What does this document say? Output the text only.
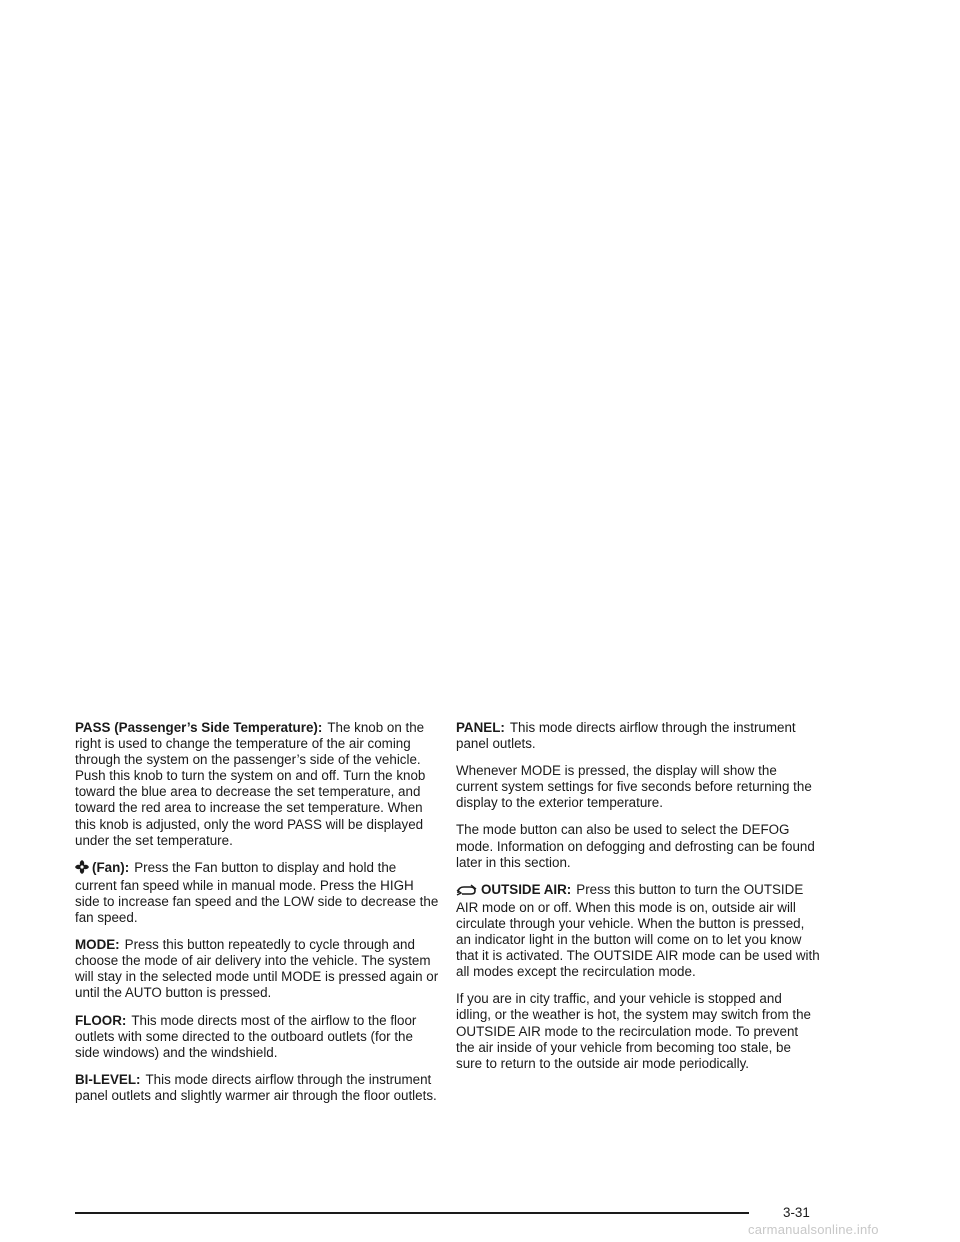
PASS (Passenger’s Side Temperature): The knob on the right is used to change the temperature of the air coming through the system on the passenger’s side of the vehicle. Push this knob to turn the system on and off. Turn the knob toward the blue area to decrease the set temperature, and toward the red area to increase the set temperature. When this knob is adjusted, only the word PASS will be displayed under the set temperature.

(Fan): Press the Fan button to display and hold the current fan speed while in manual mode. Press the HIGH side to increase fan speed and the LOW side to decrease the fan speed.

MODE: Press this button repeatedly to cycle through and choose the mode of air delivery into the vehicle. The system will stay in the selected mode until MODE is pressed again or until the AUTO button is pressed.

FLOOR: This mode directs most of the airflow to the floor outlets with some directed to the outboard outlets (for the side windows) and the windshield.

BI-LEVEL: This mode directs airflow through the instrument panel outlets and slightly warmer air through the floor outlets.

PANEL: This mode directs airflow through the instrument panel outlets.

Whenever MODE is pressed, the display will show the current system settings for five seconds before returning the display to the exterior temperature.

The mode button can also be used to select the DEFOG mode. Information on defogging and defrosting can be found later in this section.

OUTSIDE AIR: Press this button to turn the OUTSIDE AIR mode on or off. When this mode is on, outside air will circulate through your vehicle. When the button is pressed, an indicator light in the button will come on to let you know that it is activated. The OUTSIDE AIR mode can be used with all modes except the recirculation mode.

If you are in city traffic, and your vehicle is stopped and idling, or the weather is hot, the system may switch from the OUTSIDE AIR mode to the recirculation mode. To prevent the air inside of your vehicle from becoming too stale, be sure to return to the outside air mode periodically.

3-31
carmanualsonline.info
